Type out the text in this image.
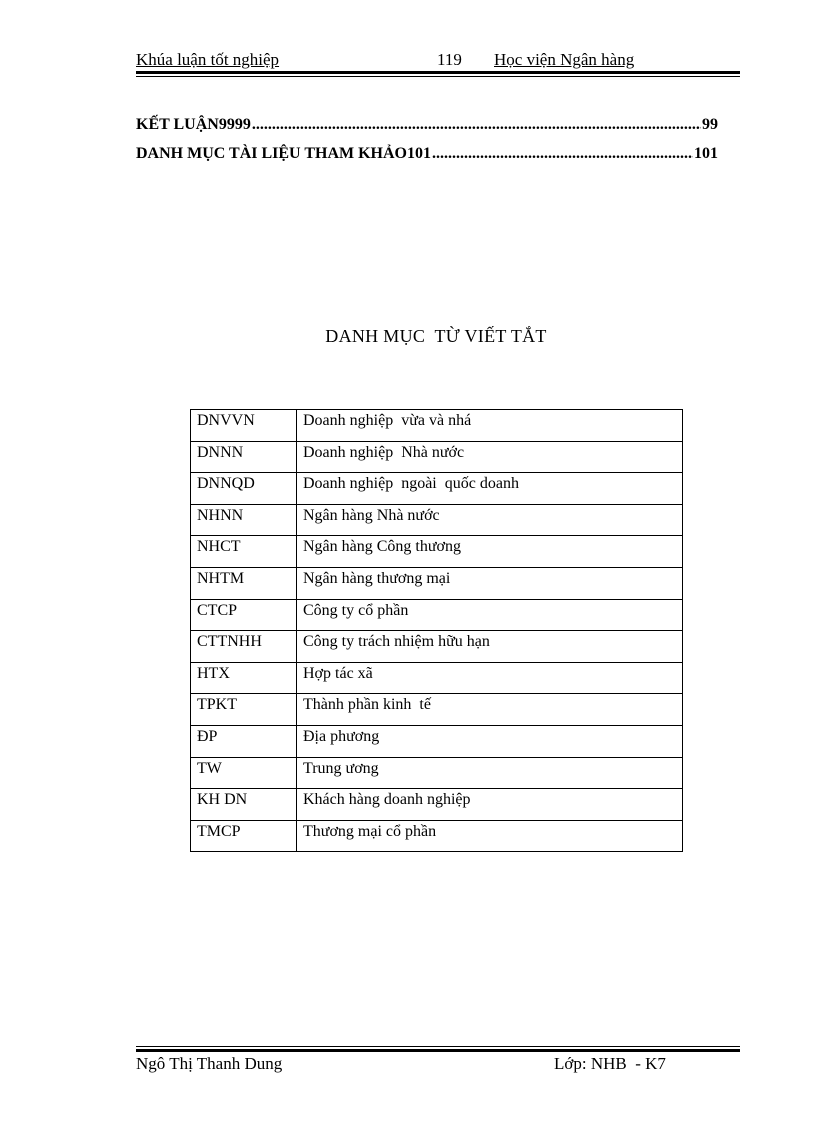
Khúa luận tốt nghiệp	119 Học viện Ngân hàng
KẾT LUẬN9999 .....	99
DANH MỤC TÀI LIỆU THAM KHẢO101 .....	101
DANH MỤC  TỪ VIẾT TẮT
DNVVN	Doanh nghiệp  vừa và nhá
DNNN	Doanh nghiệp  Nhà nước
DNNQD	Doanh nghiệp  ngoài  quốc doanh
NHNN	Ngân hàng Nhà nước
NHCT	Ngân hàng Công thương
NHTM	Ngân hàng thương mại
CTCP	Công ty cổ phần
CTTNHH	Công ty trách nhiệm hữu hạn
HTX	Hợp tác xã
TPKT	Thành phần kinh  tế
ĐP	Địa phương
TW	Trung ương
KH DN	Khách hàng doanh nghiệp
TMCP	Thương mại cổ phần
Ngô Thị Thanh Dung	Lớp: NHB  - K7
